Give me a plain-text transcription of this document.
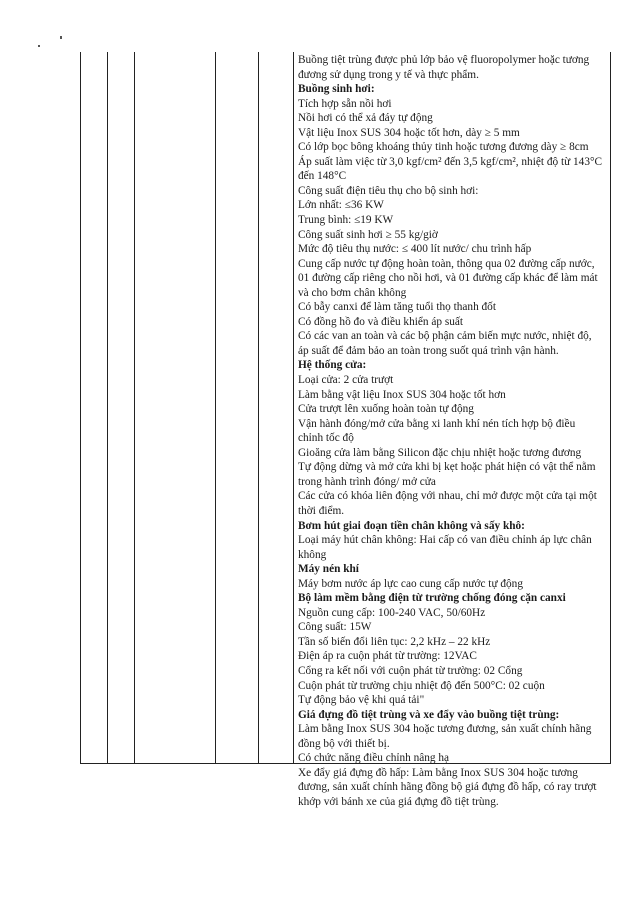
Buồng tiệt trùng được phủ lớp bảo vệ fluoropolymer hoặc tương
đương sử dụng trong y tế và thực phẩm.
Buồng sinh hơi:
Tích hợp sẵn nồi hơi
Nồi hơi có thể xả đáy tự động
Vật liệu Inox SUS 304 hoặc tốt hơn, dày ≥ 5 mm
Có lớp bọc bông khoáng thủy tinh hoặc tương đương dày ≥ 8cm
Áp suất làm việc từ 3,0 kgf/cm² đến 3,5 kgf/cm², nhiệt độ từ 143°C
đến 148°C
Công suất điện tiêu thụ cho bộ sinh hơi:
Lớn nhất: ≤36 KW
Trung bình: ≤19 KW
Công suất sinh hơi ≥ 55 kg/giờ
Mức độ tiêu thụ nước: ≤ 400 lít nước/ chu trình hấp
Cung cấp nước tự động hoàn toàn, thông qua 02 đường cấp nước,
01 đường cấp riêng cho nồi hơi, và 01 đường cấp khác để làm mát
và cho bơm chân không
Có bẫy canxi để làm tăng tuổi thọ thanh đốt
Có đồng hồ đo và điều khiển áp suất
Có các van an toàn và các bộ phận cảm biến mực nước, nhiệt độ,
áp suất để đảm bảo an toàn trong suốt quá trình vận hành.
Hệ thống cửa:
Loại cửa: 2 cửa trượt
Làm bằng vật liệu Inox SUS 304 hoặc tốt hơn
Cửa trượt lên xuống hoàn toàn tự động
Vận hành đóng/mở cửa bằng xi lanh khí nén tích hợp bộ điều
chỉnh tốc độ
Gioăng cửa làm bằng Silicon đặc chịu nhiệt hoặc tương đương
Tự động dừng và mở cửa khi bị kẹt hoặc phát hiện có vật thể nằm
trong hành trình đóng/ mở cửa
Các cửa có khóa liên động với nhau, chỉ mở được một cửa tại một
thời điểm.
Bơm hút giai đoạn tiền chân không và sấy khô:
Loại máy hút chân không: Hai cấp có van điều chỉnh áp lực chân
không
Máy nén khí
Máy bơm nước áp lực cao cung cấp nước tự động
Bộ làm mềm bằng điện từ trường chống đóng cặn canxi
Nguồn cung cấp: 100-240 VAC, 50/60Hz
Công suất: 15W
Tần số biến đổi liên tục: 2,2 kHz – 22 kHz
Điện áp ra cuộn phát từ trường: 12VAC
Cổng ra kết nối với cuộn phát từ trường: 02 Cổng
Cuộn phát từ trường chịu nhiệt độ đến 500°C: 02 cuộn
Tự động bảo vệ khi quá tải"
Giá đựng đồ tiệt trùng và xe đẩy vào buồng tiệt trùng:
Làm bằng Inox SUS 304 hoặc tương đương, sản xuất chính hãng
đồng bộ với thiết bị.
Có chức năng điều chỉnh nâng hạ
Xe đẩy giá đựng đồ hấp: Làm bằng Inox SUS 304 hoặc tương
đương, sản xuất chính hãng đồng bộ giá đựng đồ hấp, có ray trượt
khớp với bánh xe của giá đựng đồ tiệt trùng.
